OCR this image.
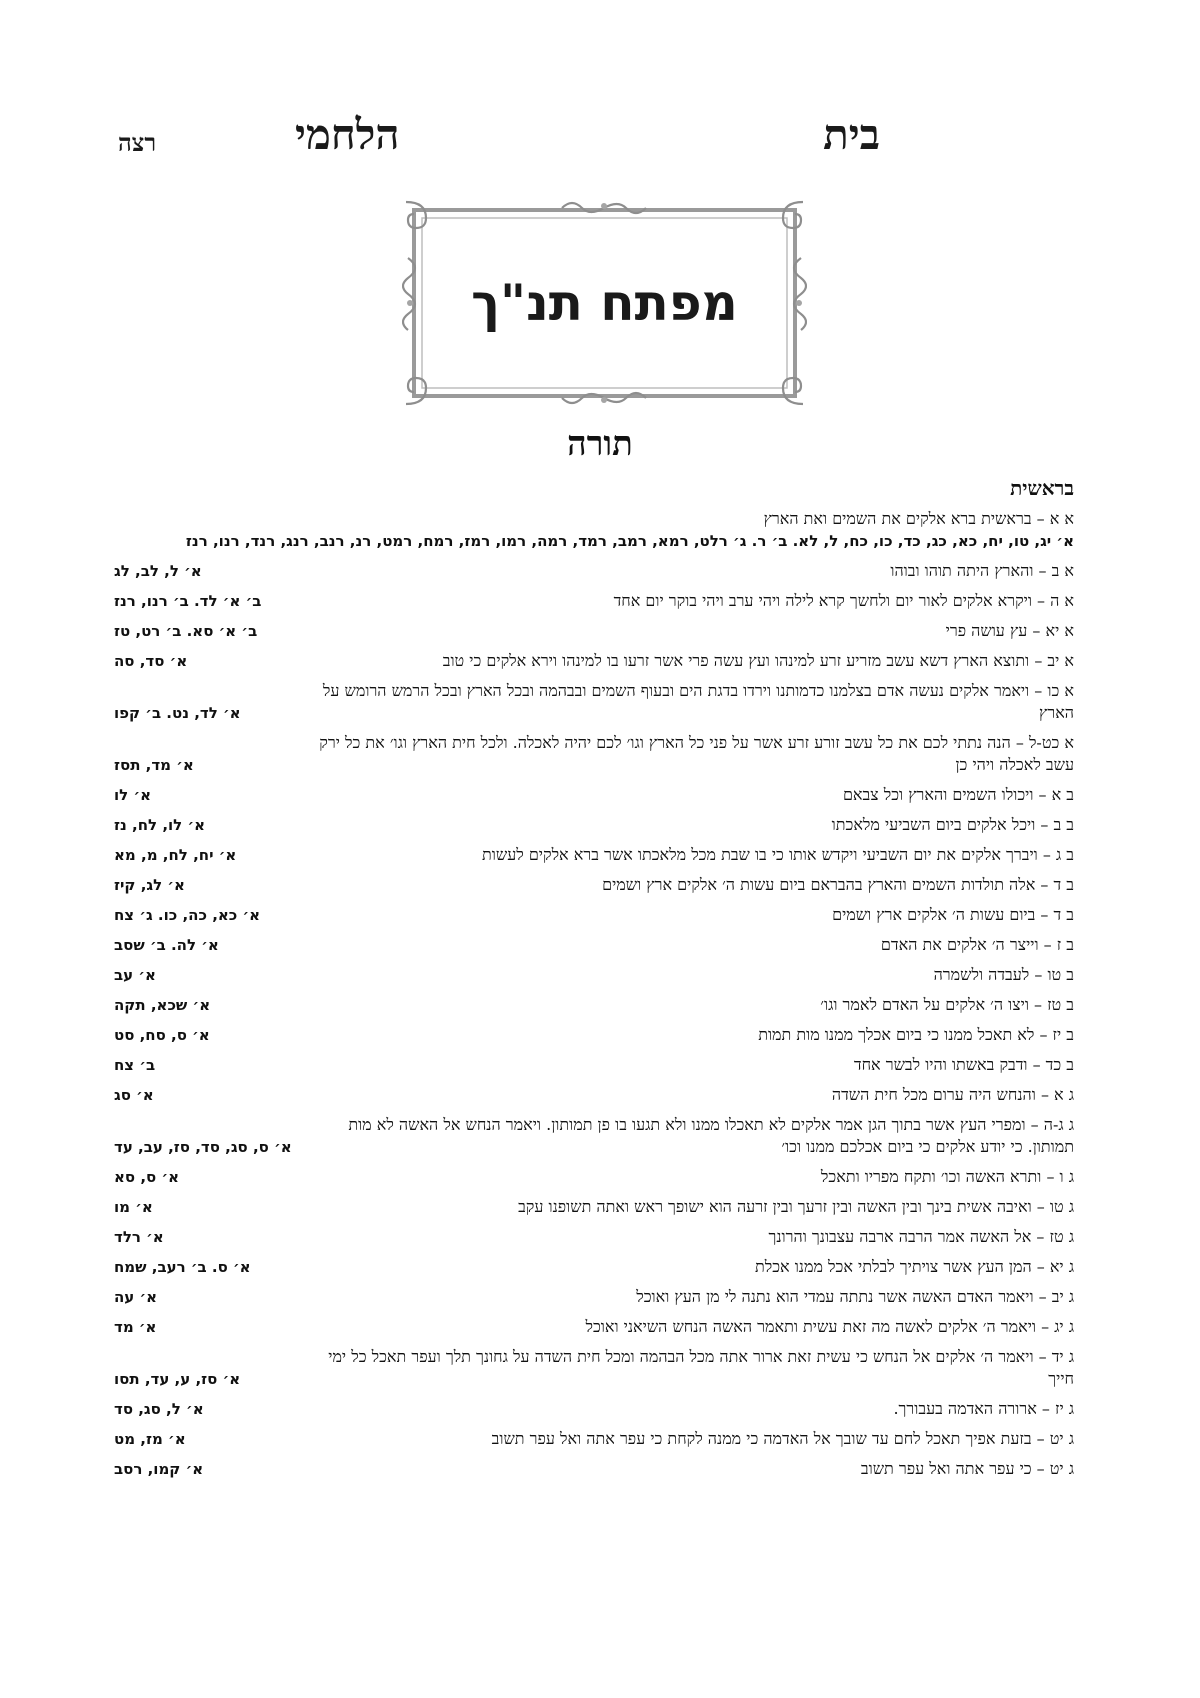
בית
הלחמי
רצה
מפתח תנ"ך
תורה
בראשית
א א – בראשית ברא אלקים את השמים ואת הארץ    א׳ יג, טו, יח, כא, כג, כד, כו, כח, ל, לא. ב׳ ר. ג׳ רלט, רמא, רמב, רמד, רמה, רמו, רמז, רמח, רמט, רנ, רנב, רנג, רנד, רנו, רנז
א ב – והארץ היתה תוהו ובוהו
א׳ ל, לב, לג
א ה – ויקרא אלקים לאור יום ולחשך קרא לילה ויהי ערב ויהי בוקר יום אחד
ב׳ א׳ לד. ב׳ רנו, רנז
א יא – עץ עושה פרי
ב׳ א׳ סא. ב׳ רט, טז
א יב – ותוצא הארץ דשא עשב מזריע זרע למינהו ועץ עשה פרי אשר זרעו בו למינהו וירא אלקים כי טוב
א׳ סד, סה
א כו – ויאמר אלקים נעשה אדם בצלמנו כדמותנו וירדו בדגת הים ובעוף השמים ובבהמה ובכל הארץ ובכל הרמש הרומש על הארץ
א׳ לד, נט. ב׳ קפו
א כט-ל – הנה נתתי לכם את כל עשב זורע זרע אשר על פני כל הארץ וגו׳ לכם יהיה לאכלה. ולכל חית הארץ וגו׳ את כל ירק עשב לאכלה ויהי כן
א׳ מד, תסז
ב א – ויכולו השמים והארץ וכל צבאם
א׳ לו
ב ב – ויכל אלקים ביום השביעי מלאכתו
א׳ לו, לח, נז
ב ג – ויברך אלקים את יום השביעי ויקדש אותו כי בו שבת מכל מלאכתו אשר ברא אלקים לעשות
א׳ יח, לח, מ, מא
ב ד – אלה תולדות השמים והארץ בהבראם ביום עשות ה׳ אלקים ארץ ושמים
א׳ לג, קיז
ב ד – ביום עשות ה׳ אלקים ארץ ושמים
א׳ כא, כה, כו. ג׳ צח
ב ז – וייצר ה׳ אלקים את האדם
א׳ לה. ב׳ שסב
ב טו – לעבדה ולשמרה
א׳ עב
ב טז – ויצו ה׳ אלקים על האדם לאמר וגו׳
א׳ שכא, תקה
ב יז – לא תאכל ממנו כי ביום אכלך ממנו מות תמות
א׳ ס, סח, סט
ב כד – ודבק באשתו והיו לבשר אחד
ב׳ צח
ג א – והנחש היה ערום מכל חית השדה
א׳ סג
ג ג-ה – ומפרי העץ אשר בתוך הגן אמר אלקים לא תאכלו ממנו ולא תגעו בו פן תמותון. ויאמר הנחש אל האשה לא מות תמותון. כי יודע אלקים כי ביום אכלכם ממנו וכו׳
א׳ ס, סג, סד, סז, עב, עד
ג ו – ותרא האשה וכו׳ ותקח מפריו ותאכל
א׳ ס, סא
ג טו – ואיבה אשית בינך ובין האשה ובין זרעך ובין זרעה הוא ישופך ראש ואתה תשופנו עקב
א׳ מו
ג טז – אל האשה אמר הרבה ארבה עצבונך והרונך
א׳ רלד
ג יא – המן העץ אשר צויתיך לבלתי אכל ממנו אכלת
א׳ ס. ב׳ רעב, שמח
ג יב – ויאמר האדם האשה אשר נתתה עמדי הוא נתנה לי מן העץ ואוכל
א׳ עה
ג יג – ויאמר ה׳ אלקים לאשה מה זאת עשית ותאמר האשה הנחש השיאני ואוכל
א׳ מד
ג יד – ויאמר ה׳ אלקים אל הנחש כי עשית זאת ארור אתה מכל הבהמה ומכל חית השדה על גחונך תלך ועפר תאכל כל ימי חייך
א׳ סז, ע, עד, תסו
ג יז – ארורה האדמה בעבורך.
א׳ ל, סג, סד
ג יט – בזעת אפיך תאכל לחם עד שובך אל האדמה כי ממנה לקחת כי עפר אתה ואל עפר תשוב
א׳ מז, מט
ג יט – כי עפר אתה ואל עפר תשוב
א׳ קמו, רסב
